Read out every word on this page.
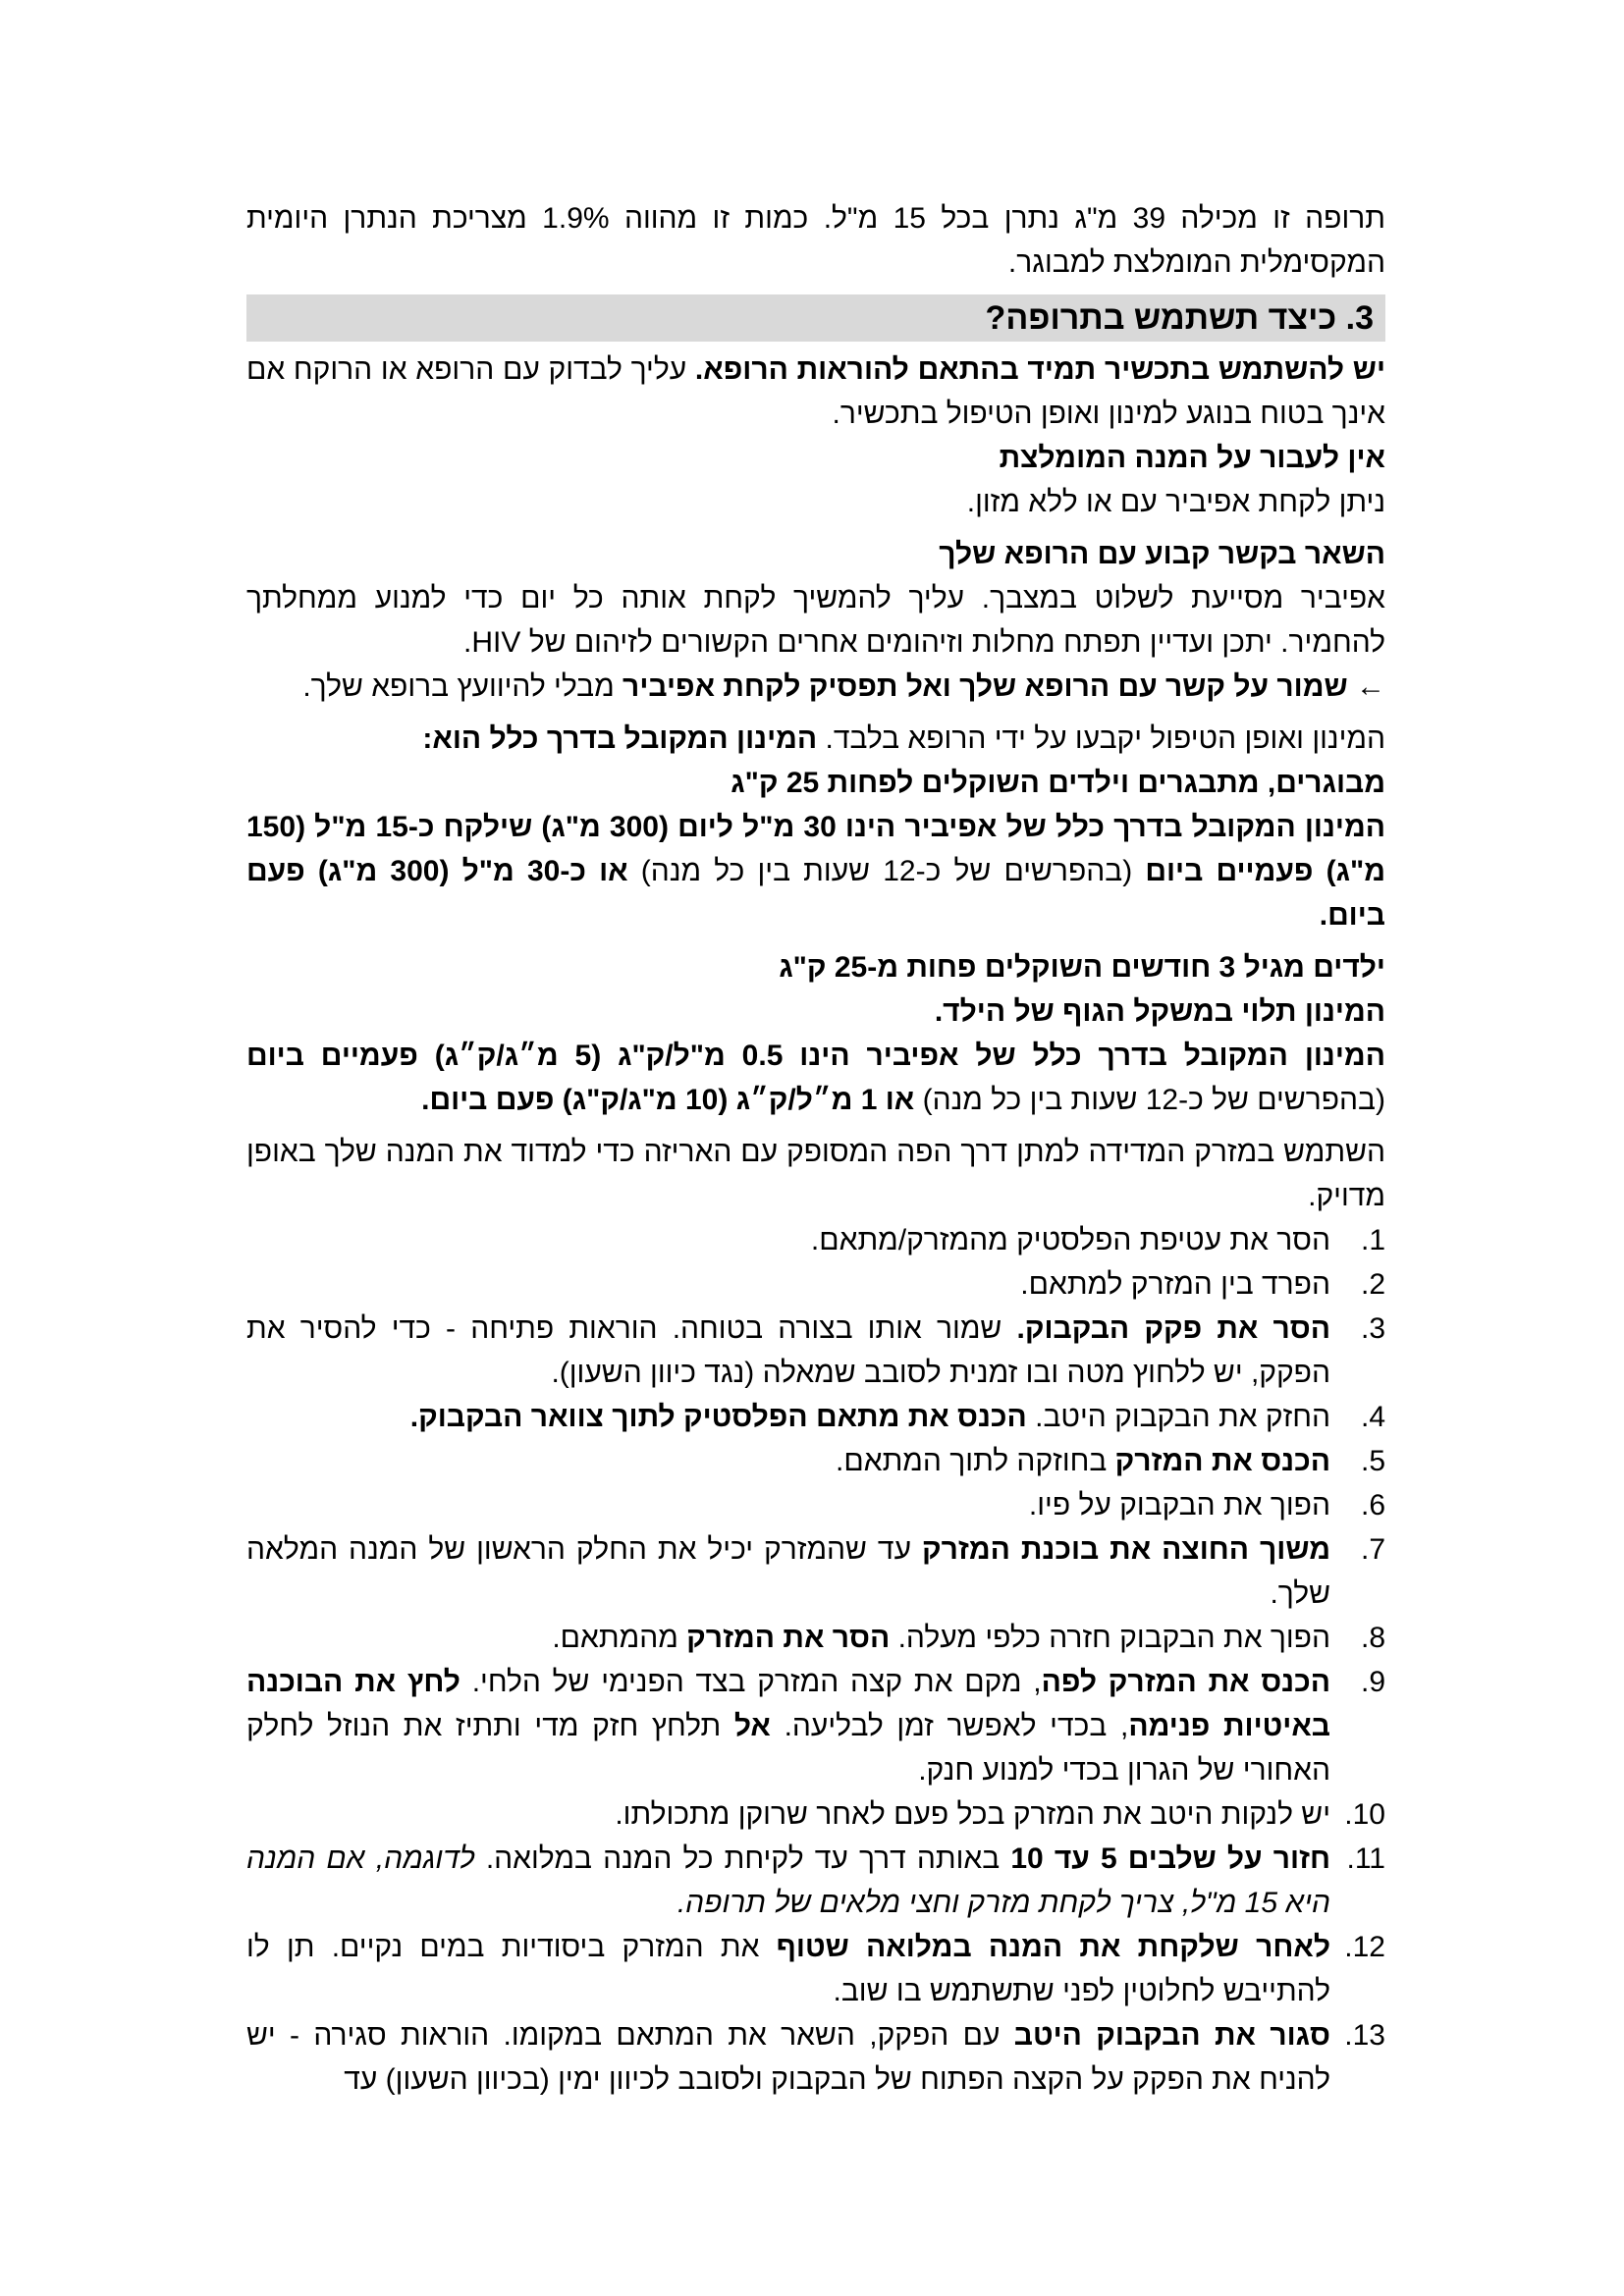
תרופה זו מכילה 39 מ"ג נתרן בכל 15 מ"ל. כמות זו מהווה 1.9% מצריכת הנתרן היומית המקסימלית המומלצת למבוגר.

3. כיצד תשתמש בתרופה?

יש להשתמש בתכשיר תמיד בהתאם להוראות הרופא. עליך לבדוק עם הרופא או הרוקח אם אינך בטוח בנוגע למינון ואופן הטיפול בתכשיר.

אין לעבור על המנה המומלצת

ניתן לקחת אפיביר עם או ללא מזון.

השאר בקשר קבוע עם הרופא שלך

אפיביר מסייעת לשלוט במצבך. עליך להמשיך לקחת אותה כל יום כדי למנוע ממחלתך להחמיר. יתכן ועדיין תפתח מחלות וזיהומים אחרים הקשורים לזיהום של HIV.

← שמור על קשר עם הרופא שלך ואל תפסיק לקחת אפיביר מבלי להיוועץ ברופא שלך.

המינון ואופן הטיפול יקבעו על ידי הרופא בלבד. המינון המקובל בדרך כלל הוא:

מבוגרים, מתבגרים וילדים השוקלים לפחות 25 ק"ג

המינון המקובל בדרך כלל של אפיביר הינו 30 מ"ל ליום (300 מ"ג) שילקח כ-15 מ"ל (150 מ"ג) פעמיים ביום (בהפרשים של כ-12 שעות בין כל מנה) או כ-30 מ"ל (300 מ"ג) פעם ביום.

ילדים מגיל 3 חודשים השוקלים פחות מ-25 ק"ג

המינון תלוי במשקל הגוף של הילד.

המינון המקובל בדרך כלל של אפיביר הינו 0.5 מ"ל/ק"ג (5 מ״ג/ק״ג) פעמיים ביום (בהפרשים של כ-12 שעות בין כל מנה) או 1 מ״ל/ק״ג (10 מ"ג/ק"ג) פעם ביום.

השתמש במזרק המדידה למתן דרך הפה המסופק עם האריזה כדי למדוד את המנה שלך באופן מדויק.

1.
הסר את עטיפת הפלסטיק מהמזרק/מתאם.
2.
הפרד בין המזרק למתאם.
3.
הסר את פקק הבקבוק. שמור אותו בצורה בטוחה. הוראות פתיחה - כדי להסיר את הפקק, יש ללחוץ מטה ובו זמנית לסובב שמאלה (נגד כיוון השעון).
4.
החזק את הבקבוק היטב. הכנס את מתאם הפלסטיק לתוך צוואר הבקבוק.
5.
הכנס את המזרק בחוזקה לתוך המתאם.
6.
הפוך את הבקבוק על פיו.
7.
משוך החוצה את בוכנת המזרק עד שהמזרק יכיל את החלק הראשון של המנה המלאה שלך.
8.
הפוך את הבקבוק חזרה כלפי מעלה. הסר את המזרק מהמתאם.
9.
הכנס את המזרק לפה, מקם את קצה המזרק בצד הפנימי של הלחי. לחץ את הבוכנה באיטיות פנימה, בכדי לאפשר זמן לבליעה. אל תלחץ חזק מדי ותתיז את הנוזל לחלק האחורי של הגרון בכדי למנוע חנק.
10.
יש לנקות היטב את המזרק בכל פעם לאחר שרוקן מתכולתו.
11.
חזור על שלבים 5 עד 10 באותה דרך עד לקיחת כל המנה במלואה. לדוגמה, אם המנה היא 15 מ"ל, צריך לקחת מזרק וחצי מלאים של תרופה.
12.
לאחר שלקחת את המנה במלואה שטוף את המזרק ביסודיות במים נקיים. תן לו להתייבש לחלוטין לפני שתשתמש בו שוב.
13.
סגור את הבקבוק היטב עם הפקק, השאר את המתאם במקומו. הוראות סגירה - יש להניח את הפקק על הקצה הפתוח של הבקבוק ולסובב לכיוון ימין (בכיוון השעון) עד
